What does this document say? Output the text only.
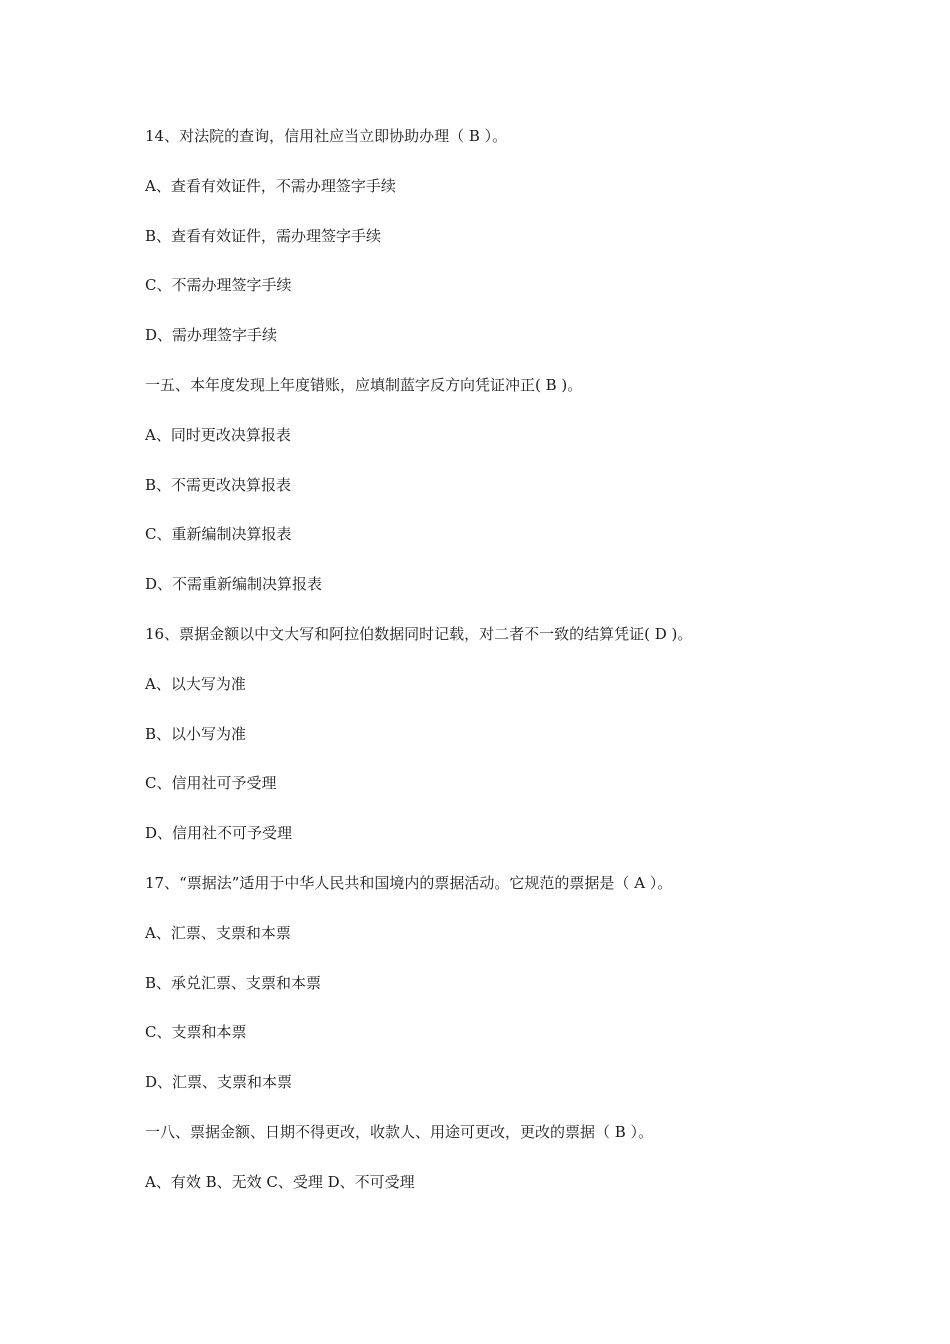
14、对法院的查询，信用社应当立即协助办理（ B ）。
A、查看有效证件，不需办理签字手续
B、查看有效证件，需办理签字手续
C、不需办理签字手续
D、需办理签字手续
一五、本年度发现上年度错账，应填制蓝字反方向凭证冲正( B )。
A、同时更改决算报表
B、不需更改决算报表
C、重新编制决算报表
D、不需重新编制决算报表
16、票据金额以中文大写和阿拉伯数据同时记载，对二者不一致的结算凭证( D )。
A、以大写为准
B、以小写为准
C、信用社可予受理
D、信用社不可予受理
17、“票据法”适用于中华人民共和国境内的票据活动。它规范的票据是（ A ）。
A、汇票、支票和本票
B、承兑汇票、支票和本票
C、支票和本票
D、汇票、支票和本票
一八、票据金额、日期不得更改，收款人、用途可更改，更改的票据（ B ）。
A、有效 B、无效 C、受理 D、不可受理
